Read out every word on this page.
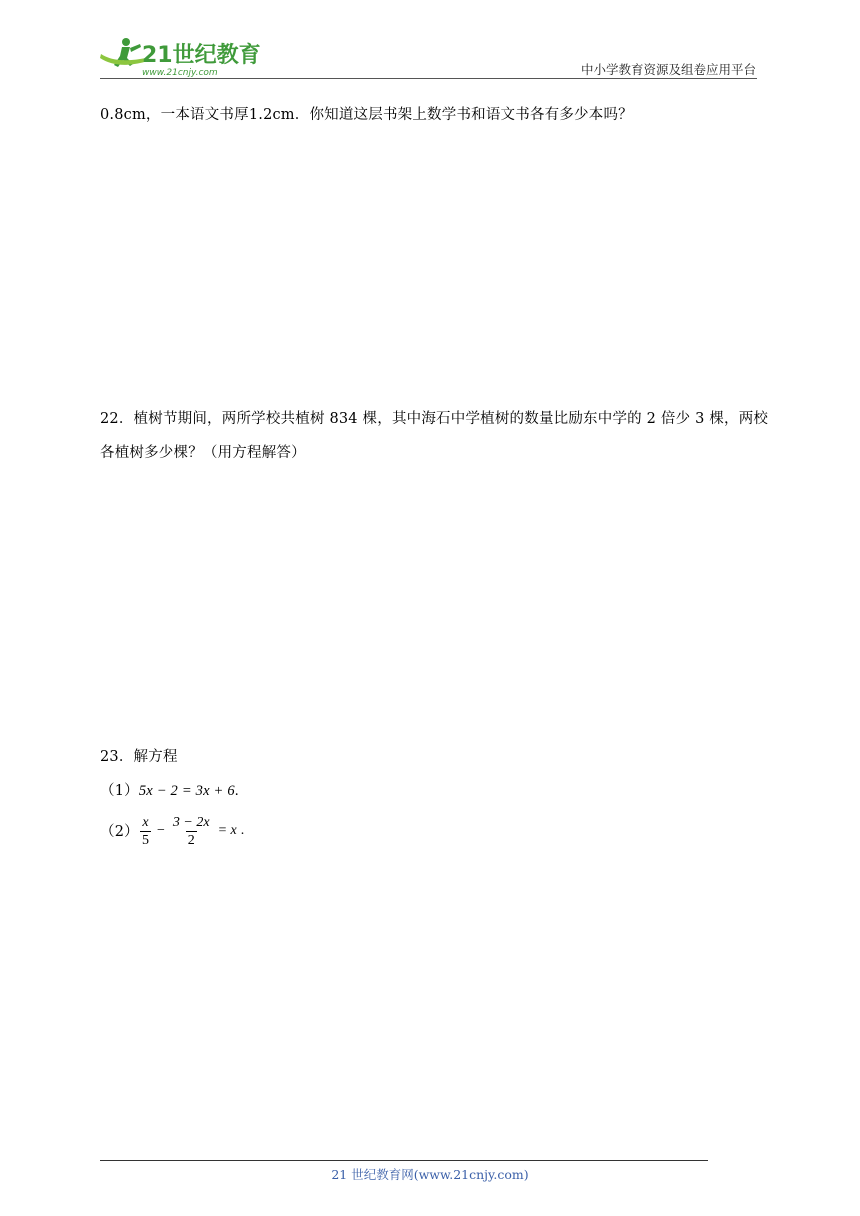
21世纪教育
www.21cnjy.com	中小学教育资源及组卷应用平台
0.8cm，一本语文书厚1.2cm．你知道这层书架上数学书和语文书各有多少本吗？
22．植树节期间，两所学校共植树 834 棵，其中海石中学植树的数量比励东中学的 2 倍少 3 棵，两校
各植树多少棵？（用方程解答）
23．解方程
（1）5x − 2 = 3x + 6.
$(2) \frac{x}{5} - \frac{3 - 2x}{2} = x$ .
21 世纪教育网(www.21cnjy.com)
